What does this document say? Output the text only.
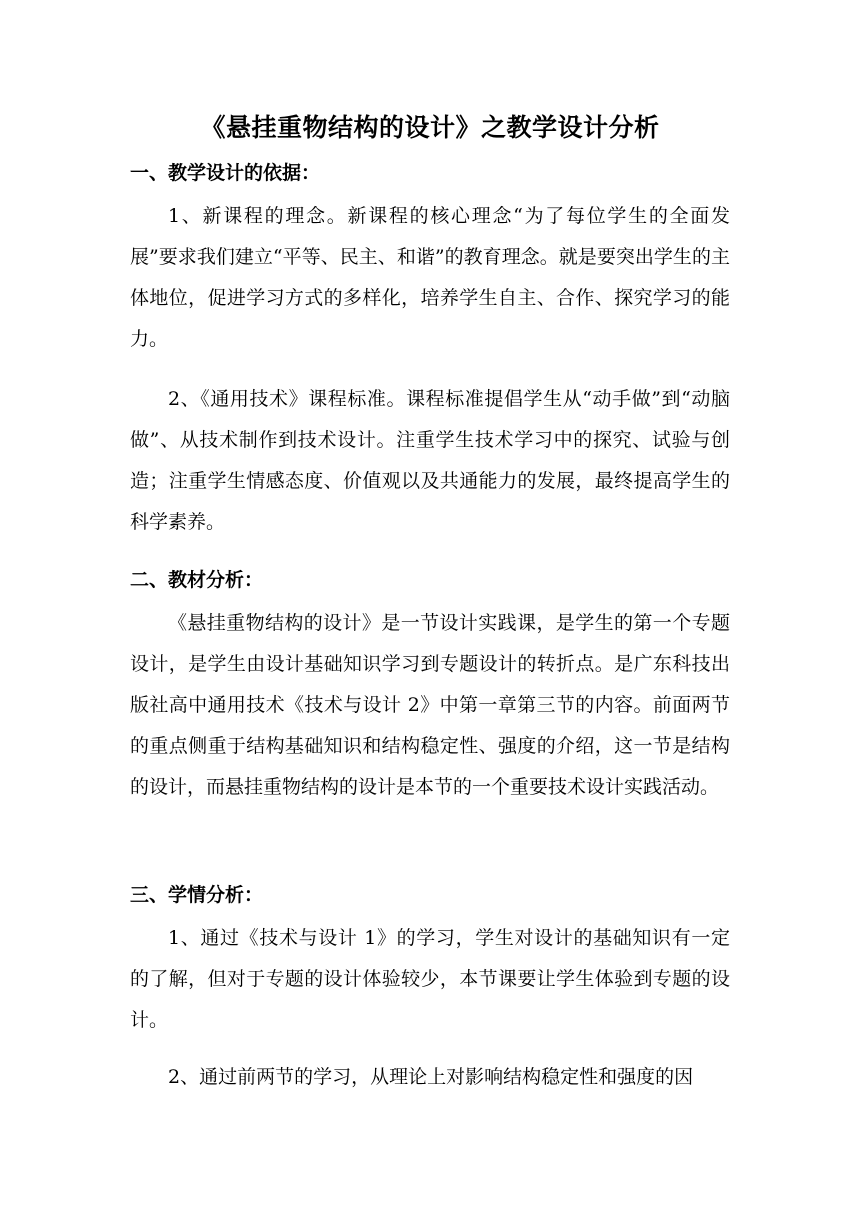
《悬挂重物结构的设计》之教学设计分析
一、教学设计的依据：

1、新课程的理念。新课程的核心理念“为了每位学生的全面发展”要求我们建立“平等、民主、和谐”的教育理念。就是要突出学生的主体地位，促进学习方式的多样化，培养学生自主、合作、探究学习的能力。

2、《通用技术》课程标准。课程标准提倡学生从“动手做”到“动脑做”、从技术制作到技术设计。注重学生技术学习中的探究、试验与创造；注重学生情感态度、价值观以及共通能力的发展，最终提高学生的科学素养。

二、教材分析：

《悬挂重物结构的设计》是一节设计实践课，是学生的第一个专题设计，是学生由设计基础知识学习到专题设计的转折点。是广东科技出版社高中通用技术《技术与设计 2》中第一章第三节的内容。前面两节的重点侧重于结构基础知识和结构稳定性、强度的介绍，这一节是结构的设计，而悬挂重物结构的设计是本节的一个重要技术设计实践活动。

三、学情分析：

1、通过《技术与设计 1》的学习，学生对设计的基础知识有一定的了解，但对于专题的设计体验较少，本节课要让学生体验到专题的设计。

2、通过前两节的学习，从理论上对影响结构稳定性和强度的因
